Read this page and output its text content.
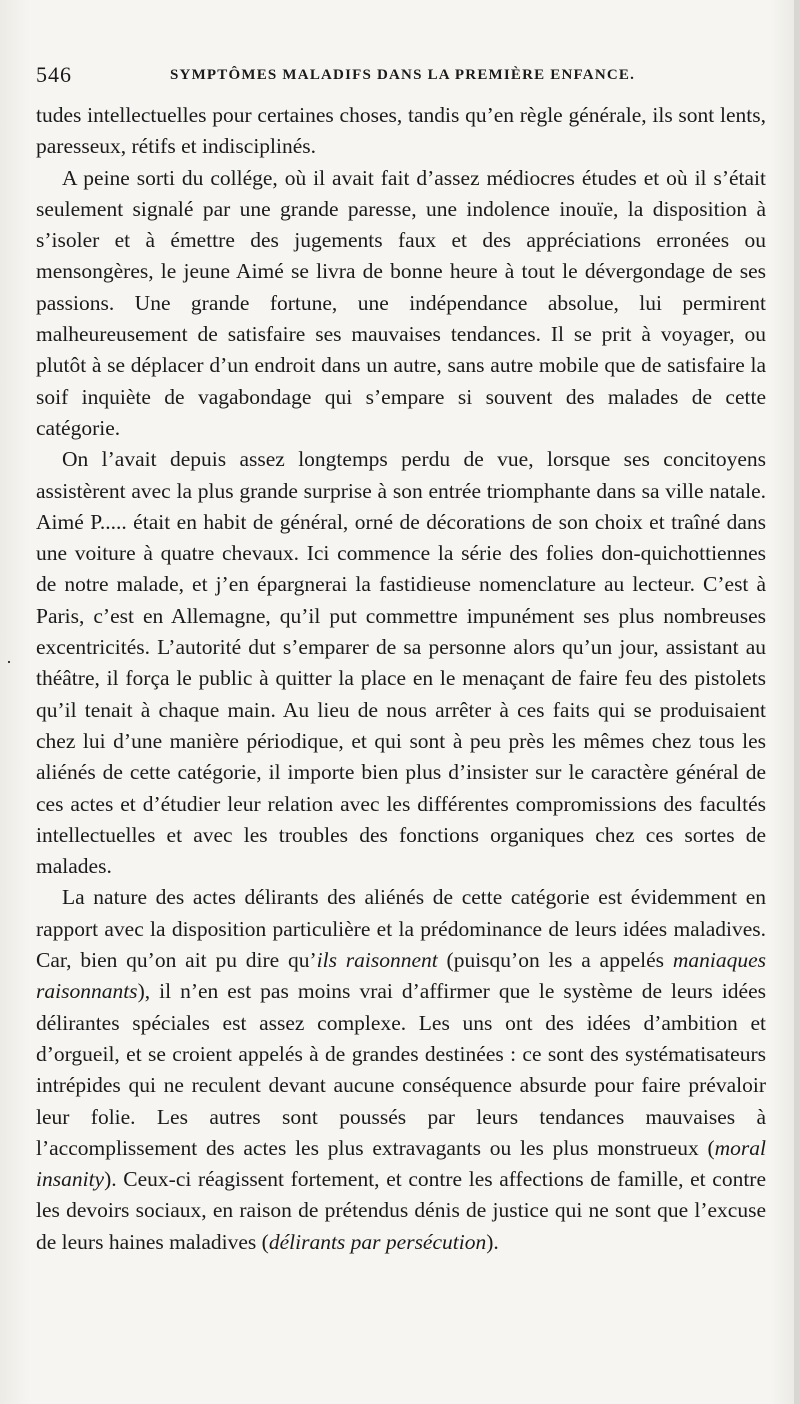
546	SYMPTÔMES MALADIFS DANS LA PREMIÈRE ENFANCE.
·

tudes intellectuelles pour certaines choses, tandis qu’en règle générale, ils sont lents, paresseux, rétifs et indisciplinés.

A peine sorti du collége, où il avait fait d’assez médiocres études et où il s’était seulement signalé par une grande paresse, une indolence inouïe, la disposition à s’isoler et à émettre des jugements faux et des appréciations erronées ou mensongères, le jeune Aimé se livra de bonne heure à tout le dévergondage de ses passions. Une grande fortune, une indépendance absolue, lui permirent malheureusement de satisfaire ses mauvaises tendances. Il se prit à voyager, ou plutôt à se déplacer d’un endroit dans un autre, sans autre mobile que de satisfaire la soif inquiète de vagabondage qui s’empare si souvent des malades de cette catégorie.

On l’avait depuis assez longtemps perdu de vue, lorsque ses concitoyens assistèrent avec la plus grande surprise à son entrée triomphante dans sa ville natale. Aimé P..... était en habit de général, orné de décorations de son choix et traîné dans une voiture à quatre chevaux. Ici commence la série des folies don-quichottiennes de notre malade, et j’en épargnerai la fastidieuse nomenclature au lecteur. C’est à Paris, c’est en Allemagne, qu’il put commettre impunément ses plus nombreuses excentricités. L’autorité dut s’emparer de sa personne alors qu’un jour, assistant au théâtre, il força le public à quitter la place en le menaçant de faire feu des pistolets qu’il tenait à chaque main. Au lieu de nous arrêter à ces faits qui se produisaient chez lui d’une manière périodique, et qui sont à peu près les mêmes chez tous les aliénés de cette catégorie, il importe bien plus d’insister sur le caractère général de ces actes et d’étudier leur relation avec les différentes compromissions des facultés intellectuelles et avec les troubles des fonctions organiques chez ces sortes de malades.

La nature des actes délirants des aliénés de cette catégorie est évidemment en rapport avec la disposition particulière et la prédominance de leurs idées maladives. Car, bien qu’on ait pu dire qu’ils raisonnent (puisqu’on les a appelés maniaques raisonnants), il n’en est pas moins vrai d’affirmer que le système de leurs idées délirantes spéciales est assez complexe. Les uns ont des idées d’ambition et d’orgueil, et se croient appelés à de grandes destinées : ce sont des systématisateurs intrépides qui ne reculent devant aucune conséquence absurde pour faire prévaloir leur folie. Les autres sont poussés par leurs tendances mauvaises à l’accomplissement des actes les plus extravagants ou les plus monstrueux (moral insanity). Ceux-ci réagissent fortement, et contre les affections de famille, et contre les devoirs sociaux, en raison de prétendus dénis de justice qui ne sont que l’excuse de leurs haines maladives (délirants par persécution).
